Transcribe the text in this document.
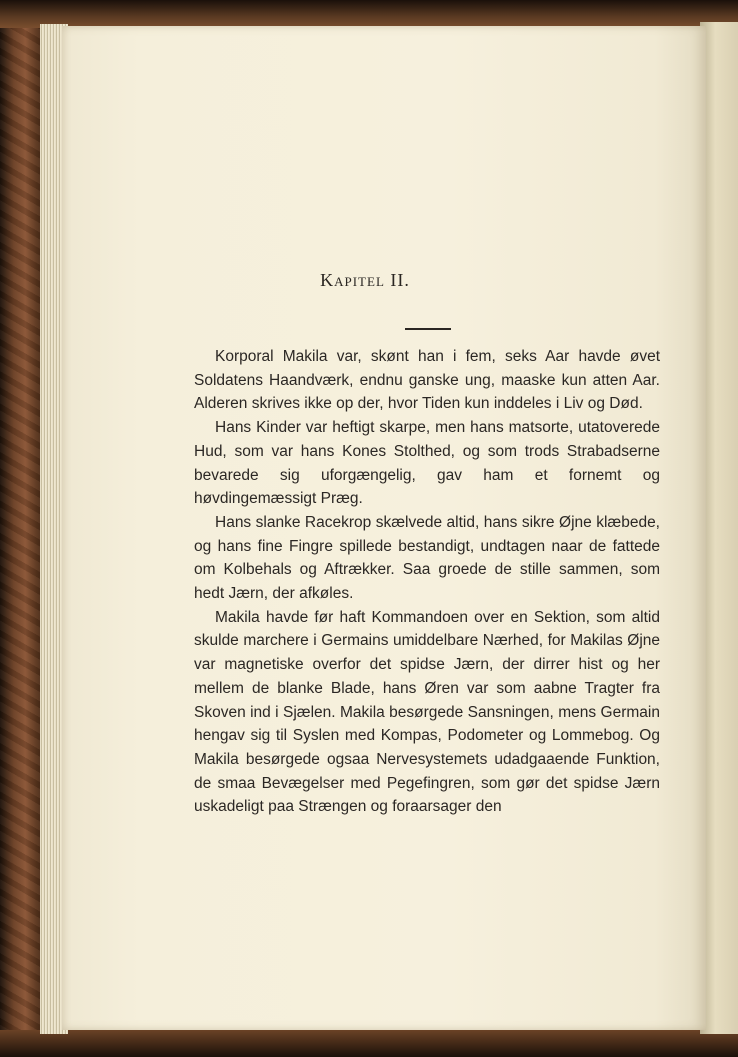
Kapitel II.

Korporal Makila var, skønt han i fem, seks Aar havde øvet Soldatens Haandværk, endnu ganske ung, maaske kun atten Aar. Alderen skrives ikke op der, hvor Tiden kun inddeles i Liv og Død.

Hans Kinder var heftigt skarpe, men hans matsorte, utatoverede Hud, som var hans Kones Stolthed, og som trods Strabadserne bevarede sig uforgængelig, gav ham et fornemt og høvdingemæssigt Præg.

Hans slanke Racekrop skælvede altid, hans sikre Øjne klæbede, og hans fine Fingre spillede bestandigt, undtagen naar de fattede om Kolbehals og Aftrækker. Saa groede de stille sammen, som hedt Jærn, der afkøles.

Makila havde før haft Kommandoen over en Sektion, som altid skulde marchere i Germains umiddelbare Nærhed, for Makilas Øjne var magnetiske overfor det spidse Jærn, der dirrer hist og her mellem de blanke Blade, hans Øren var som aabne Tragter fra Skoven ind i Sjælen. Makila besørgede Sansningen, mens Germain hengav sig til Syslen med Kompas, Podometer og Lommebog. Og Makila besørgede ogsaa Nervesystemets udadgaaende Funktion, de smaa Bevægelser med Pegefingren, som gør det spidse Jærn uskadeligt paa Strængen og foraarsager den
